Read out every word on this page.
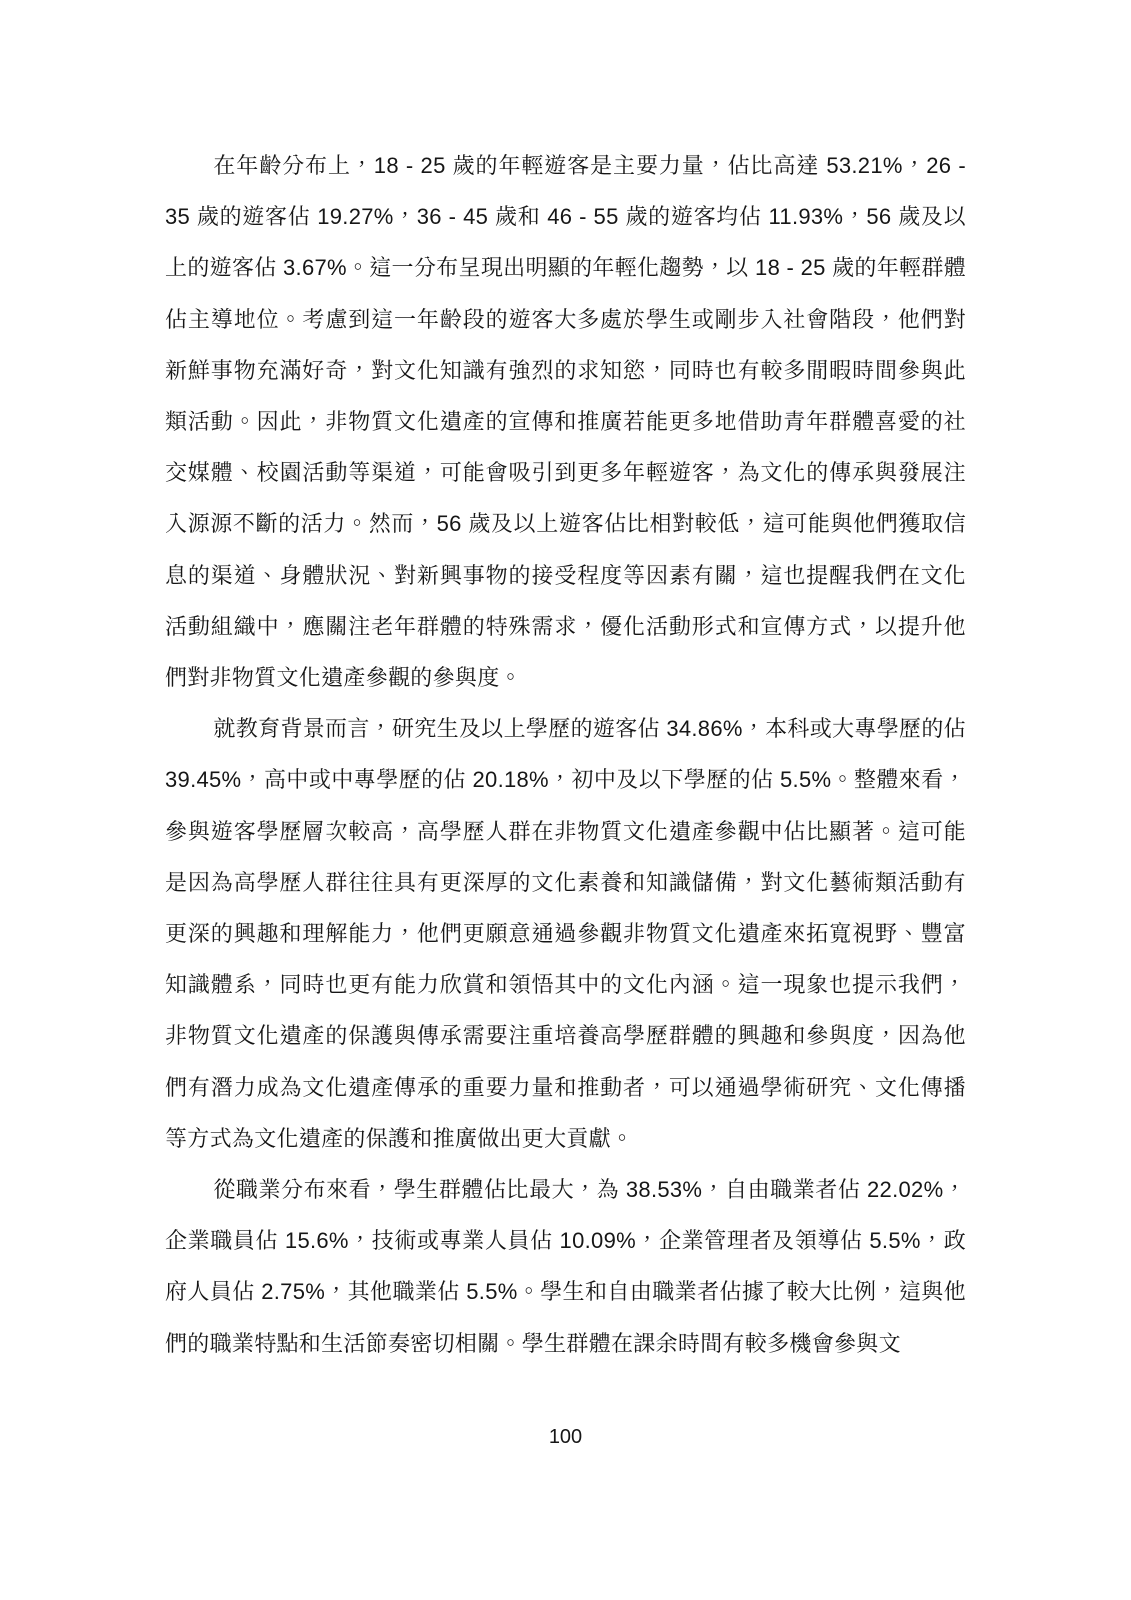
在年齡分布上，18 - 25 歲的年輕遊客是主要力量，佔比高達 53.21%，26 - 35 歲的遊客佔 19.27%，36 - 45 歲和 46 - 55 歲的遊客均佔 11.93%，56 歲及以上的遊客佔 3.67%。這一分布呈現出明顯的年輕化趨勢，以 18 - 25 歲的年輕群體佔主導地位。考慮到這一年齡段的遊客大多處於學生或剛步入社會階段，他們對新鮮事物充滿好奇，對文化知識有強烈的求知慾，同時也有較多閒暇時間參與此類活動。因此，非物質文化遺產的宣傳和推廣若能更多地借助青年群體喜愛的社交媒體、校園活動等渠道，可能會吸引到更多年輕遊客，為文化的傳承與發展注入源源不斷的活力。然而，56 歲及以上遊客佔比相對較低，這可能與他們獲取信息的渠道、身體狀況、對新興事物的接受程度等因素有關，這也提醒我們在文化活動組織中，應關注老年群體的特殊需求，優化活動形式和宣傳方式，以提升他們對非物質文化遺產參觀的參與度。

就教育背景而言，研究生及以上學歷的遊客佔 34.86%，本科或大專學歷的佔 39.45%，高中或中專學歷的佔 20.18%，初中及以下學歷的佔 5.5%。整體來看，參與遊客學歷層次較高，高學歷人群在非物質文化遺產參觀中佔比顯著。這可能是因為高學歷人群往往具有更深厚的文化素養和知識儲備，對文化藝術類活動有更深的興趣和理解能力，他們更願意通過參觀非物質文化遺產來拓寬視野、豐富知識體系，同時也更有能力欣賞和領悟其中的文化內涵。這一現象也提示我們，非物質文化遺產的保護與傳承需要注重培養高學歷群體的興趣和參與度，因為他們有潛力成為文化遺產傳承的重要力量和推動者，可以通過學術研究、文化傳播等方式為文化遺產的保護和推廣做出更大貢獻。

從職業分布來看，學生群體佔比最大，為 38.53%，自由職業者佔 22.02%，企業職員佔 15.6%，技術或專業人員佔 10.09%，企業管理者及領導佔 5.5%，政府人員佔 2.75%，其他職業佔 5.5%。學生和自由職業者佔據了較大比例，這與他們的職業特點和生活節奏密切相關。學生群體在課余時間有較多機會參與文

100
